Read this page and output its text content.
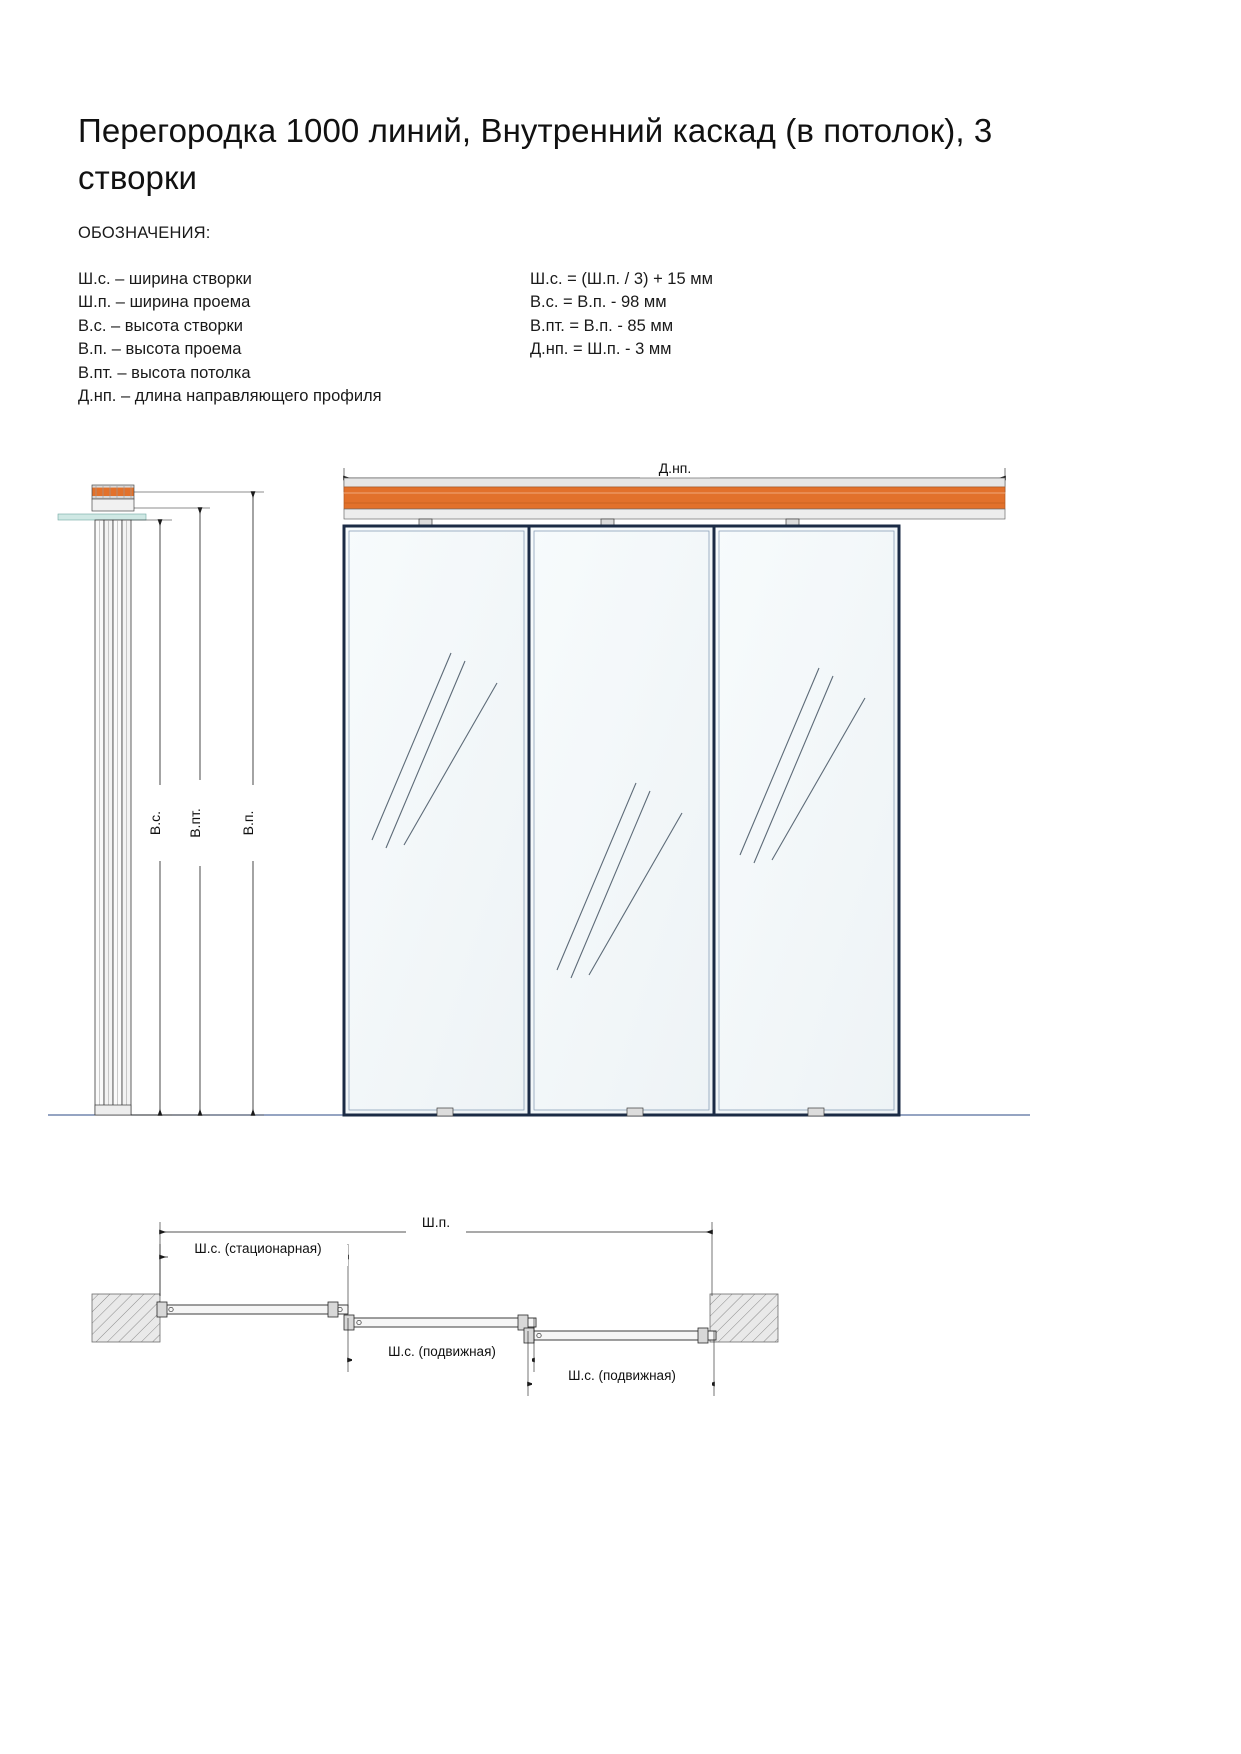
Перегородка 1000 линий, Внутренний каскад (в потолок), 3 створки
ОБОЗНАЧЕНИЯ:
Ш.с. – ширина створки
Ш.п. – ширина проема
В.с. – высота створки
В.п. – высота проема
В.пт. – высота потолка
Д.нп. – длина направляющего профиля
Ш.с. = (Ш.п. / 3) + 15 мм
В.с. = В.п. - 98 мм
В.пт. = В.п. - 85 мм
Д.нп. = Ш.п. - 3 мм
В.с. В.пт.	В.п.
Д.нп.
Ш.п.
Ш.с. (стационарная)
Ш.с. (подвижная)
Ш.с. (подвижная)
